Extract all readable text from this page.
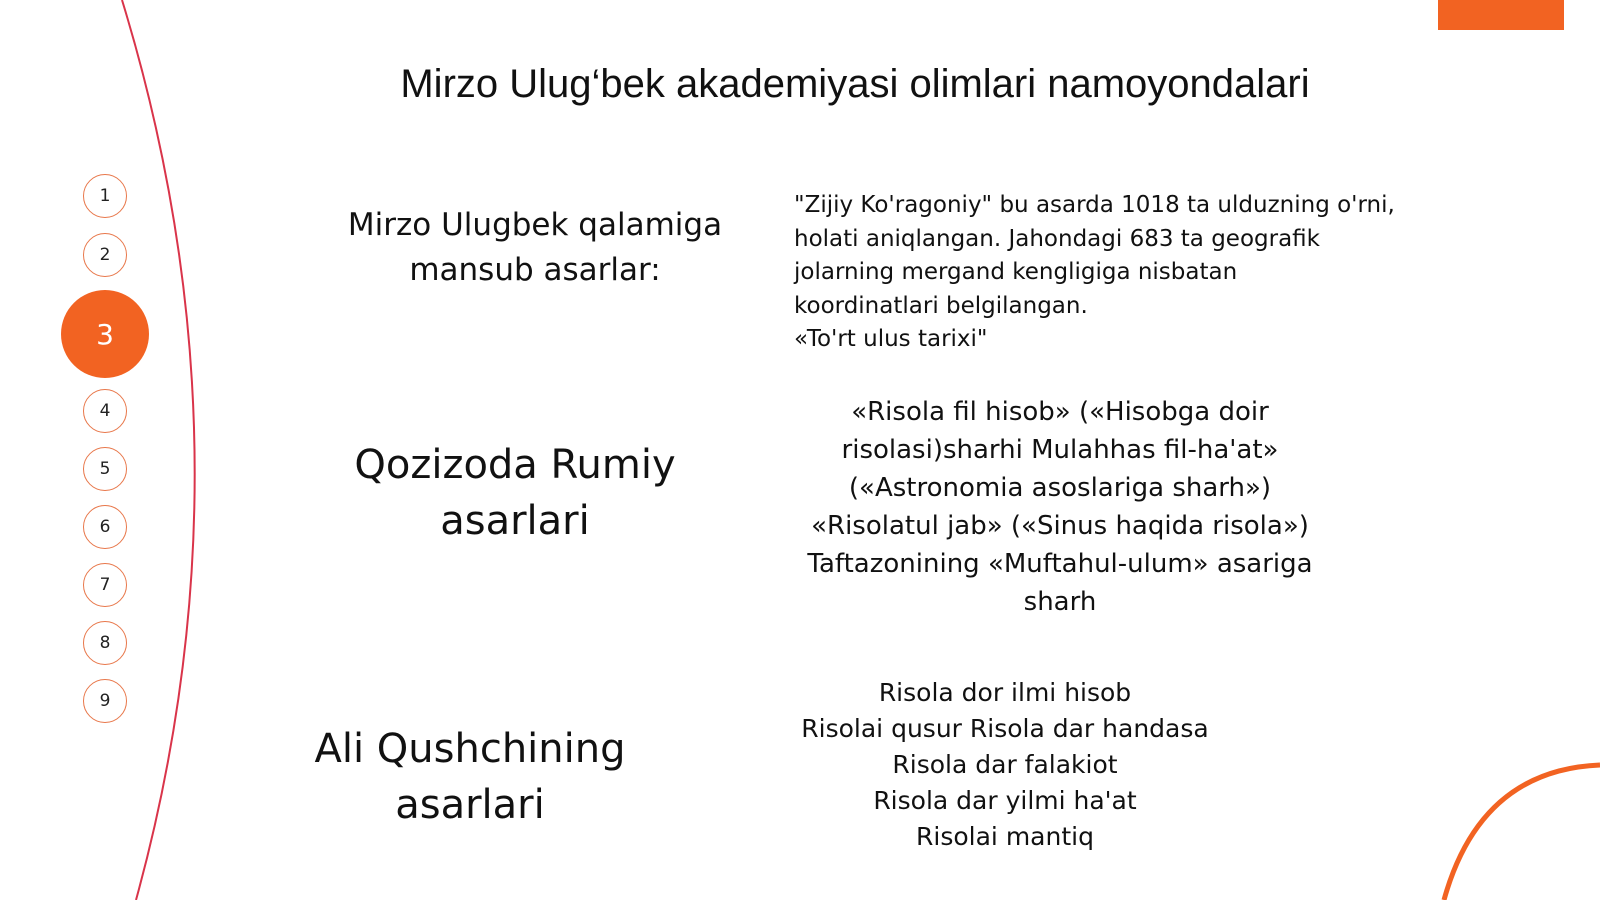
Mirzo Ulug‘bek akademiyasi olimlari namoyondalari
1
2
3
4
5
6
7
8
9
Mirzo Ulugbek qalamiga mansub asarlar:
"Zijiy Ko'ragoniy" bu asarda 1018 ta ulduzning o'rni,
holati aniqlangan. Jahondagi 683 ta geografik
jolarning mergand kengligiga nisbatan
koordinatlari belgilangan.
«To'rt ulus tarixi"
Qozizoda Rumiy asarlari
«Risola fil hisob» («Hisobga doir
risolasi)sharhi Mulahhas fil-ha'at»
(«Astronomia asoslariga sharh»)
«Risolatul jab» («Sinus haqida risola»)
Taftazonining «Muftahul-ulum» asariga
sharh
Ali Qushchining asarlari
Risola dor ilmi hisob
Risolai qusur Risola dar handasa
Risola dar falakiot
Risola dar yilmi ha'at
Risolai mantiq
